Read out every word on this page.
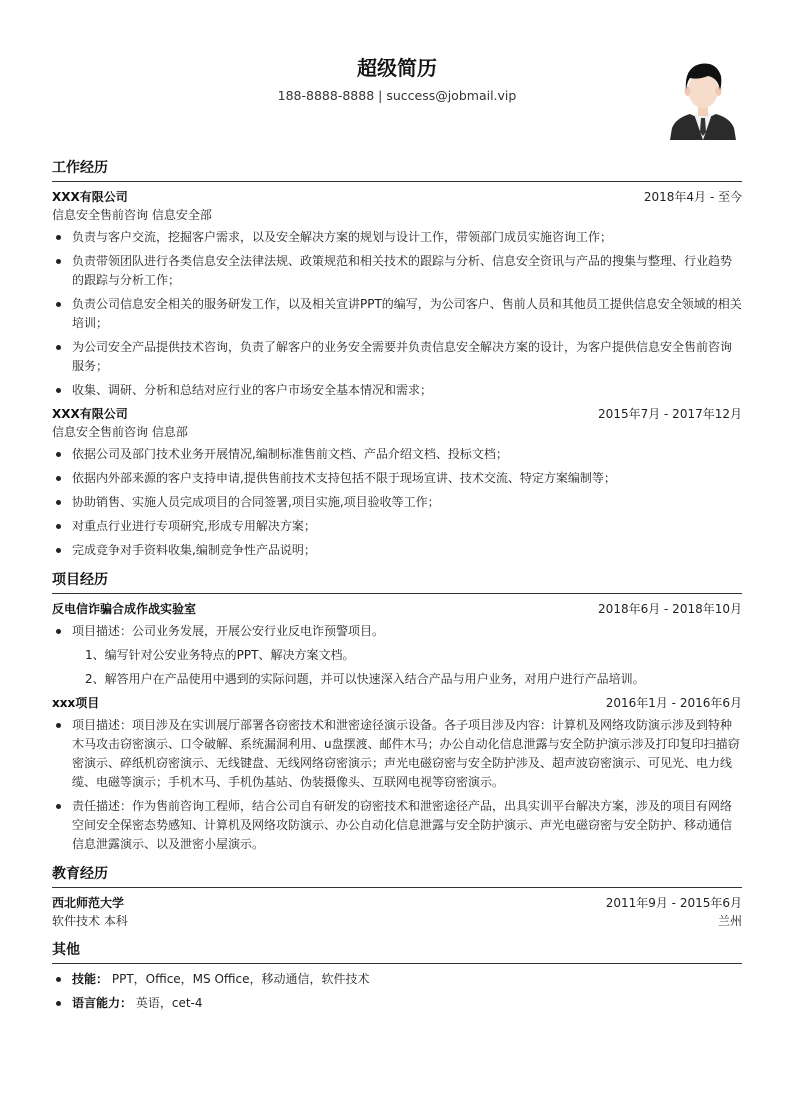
超级简历
188-8888-8888 | success@jobmail.vip
工作经历
XXX有限公司	2018年4月 - 至今
信息安全售前咨询 信息安全部
负责与客户交流，挖掘客户需求，以及安全解决方案的规划与设计工作，带领部门成员实施咨询工作；
负责带领团队进行各类信息安全法律法规、政策规范和相关技术的跟踪与分析、信息安全资讯与产品的搜集与整理、行业趋势的跟踪与分析工作；
负责公司信息安全相关的服务研发工作，以及相关宣讲PPT的编写，为公司客户、售前人员和其他员工提供信息安全领域的相关培训；
为公司安全产品提供技术咨询，负责了解客户的业务安全需要并负责信息安全解决方案的设计，为客户提供信息安全售前咨询服务；
收集、调研、分析和总结对应行业的客户市场安全基本情况和需求；
XXX有限公司	2015年7月 - 2017年12月
信息安全售前咨询 信息部
依据公司及部门技术业务开展情况,编制标准售前文档、产品介绍文档、投标文档；
依据内外部来源的客户支持申请,提供售前技术支持包括不限于现场宣讲、技术交流、特定方案编制等；
协助销售、实施人员完成项目的合同签署,项目实施,项目验收等工作；
对重点行业进行专项研究,形成专用解决方案；
完成竞争对手资料收集,编制竞争性产品说明；
项目经历
反电信诈骗合成作战实验室	2018年6月 - 2018年10月
项目描述：公司业务发展，开展公安行业反电诈预警项目。
1、编写针对公安业务特点的PPT、解决方案文档。
2、解答用户在产品使用中遇到的实际问题，并可以快速深入结合产品与用户业务，对用户进行产品培训。
xxx项目	2016年1月 - 2016年6月
项目描述：项目涉及在实训展厅部署各窃密技术和泄密途径演示设备。各子项目涉及内容：计算机及网络攻防演示涉及到特种木马攻击窃密演示、口令破解、系统漏洞利用、u盘摆渡、邮件木马；办公自动化信息泄露与安全防护演示涉及打印复印扫描窃密演示、碎纸机窃密演示、无线键盘、无线网络窃密演示；声光电磁窃密与安全防护涉及、超声波窃密演示、可见光、电力线缆、电磁等演示；手机木马、手机伪基站、伪装摄像头、互联网电视等窃密演示。
责任描述：作为售前咨询工程师，结合公司自有研发的窃密技术和泄密途径产品，出具实训平台解决方案，涉及的项目有网络空间安全保密态势感知、计算机及网络攻防演示、办公自动化信息泄露与安全防护演示、声光电磁窃密与安全防护、移动通信信息泄露演示、以及泄密小屋演示。
教育经历
西北师范大学	2011年9月 - 2015年6月
软件技术 本科	兰州
其他
技能： PPT，Office，MS Office，移动通信，软件技术
语言能力： 英语，cet-4
